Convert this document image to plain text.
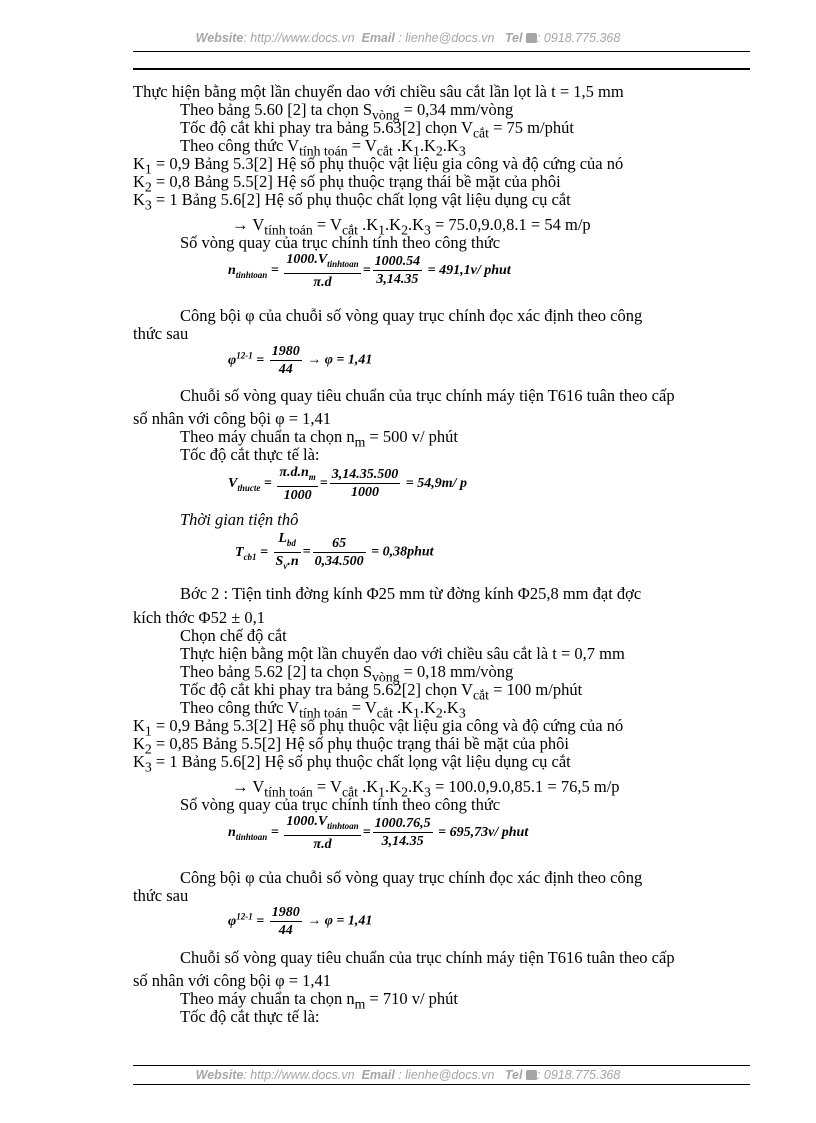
Website: http://www.docs.vn Email : lienhe@docs.vn Tel : 0918.775.368
Thực hiện bằng một lần chuyển dao với chiều sâu cắt lần lọt là t = 1,5 mm
Theo bảng 5.60 [2] ta chọn $S_{vòng} = 0,34$ mm/vòng
Tốc độ cắt khi phay tra bảng 5.63[2] chọn $V_{cắt} = 75$ m/phút
Theo công thức $V_{tính toán} = V_{cắt}$ $.K_1.K_2.K_3$
$K_1 = 0,9$ Bảng 5.3[2] Hệ số phụ thuộc vật liệu gia công và độ cứng của nó
$K_2 = 0,8$ Bảng 5.5[2] Hệ số phụ thuộc trạng thái bề mặt của phôi
$K_3 = 1$ Bảng 5.6[2] Hệ số phụ thuộc chất lọng vật liệu dụng cụ cắt
→ $V_{tính toán} = V_{cắt}$ $.K_1.K_2.K_3 = 75.0,9.0,8.1 = 54$ m/p
Số vòng quay của trục chính tính theo công thức
$n_{tinhtoan}$ =
$1000.V_{tinhtoan}$
π.d
= $\frac{1000.54}{3,14.35} = 491,1v/$ phut
Công bội φ của chuỗi số vòng quay trục chính đọc xác định theo công
thức sau
$\varphi^{12-1} = \frac{1980}{44} \to \varphi = 1,41$
Chuỗi số vòng quay tiêu chuẩn của trục chính máy tiện T616 tuân theo cấp
số nhân với công bội φ = 1,41
Theo máy chuẩn ta chọn $n_m = 500$ v/ phút
Tốc độ cắt thực tế là:
$V_{thucte} = \frac{\pi.d.n_m}{1000} = \frac{3,14.35.500}{1000} = 54,9m/$ p
Thời gian tiện thô
$T_{cb1}$ =
$L_{bd}$
$S_v.n$
= $\frac{65}{0,34.500}$ = 0,38phut
Bớc 2 : Tiện tinh đờng kính Φ25 mm từ đờng kính Φ25,8 mm đạt đợc
kích thớc Φ52 ± 0,1
Chọn chế độ cắt
Thực hiện bằng một lần chuyển dao với chiều sâu cắt là t = 0,7 mm
Theo bảng 5.62 [2] ta chọn $S_{vòng} = 0,18$ mm/vòng
Tốc độ cắt khi phay tra bảng 5.62[2] chọn $V_{cắt} = 100$ m/phút
Theo công thức $V_{tính toán} = V_{cắt}$ $.K_1.K_2.K_3$
$K_1 = 0,9$ Bảng 5.3[2] Hệ số phụ thuộc vật liệu gia công và độ cứng của nó
$K_2 = 0,85$ Bảng 5.5[2] Hệ số phụ thuộc trạng thái bề mặt của phôi
$K_3 = 1$ Bảng 5.6[2] Hệ số phụ thuộc chất lọng vật liệu dụng cụ cắt
→ $V_{tính toán} = V_{cắt}$ $.K_1.K_2.K_3 = 100.0,9.0,85.1 = 76,5$ m/p
Số vòng quay của trục chính tính theo công thức
$n_{tinhtoan}$ =
$1000.V_{tinhtoan}$
π.d
= $\frac{1000.76,5}{3,14.35} = 695,73v/$ phut
Công bội φ của chuỗi số vòng quay trục chính đọc xác định theo công
thức sau
$\varphi^{12-1} = \frac{1980}{44} \to \varphi = 1,41$
Chuỗi số vòng quay tiêu chuẩn của trục chính máy tiện T616 tuân theo cấp
số nhân với công bội φ = 1,41
Theo máy chuẩn ta chọn $n_m = 710$ v/ phút
Tốc độ cắt thực tế là:
Website: http://www.docs.vn Email : lienhe@docs.vn Tel : 0918.775.368
